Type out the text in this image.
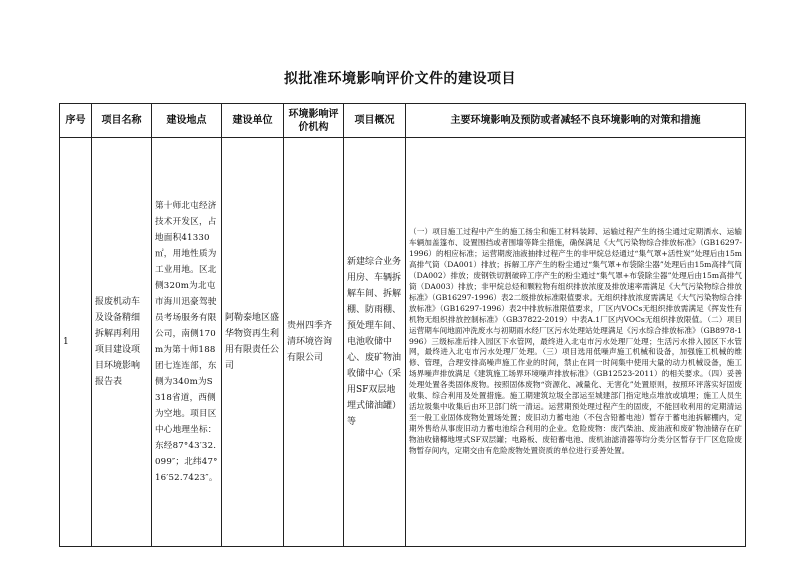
拟批准环境影响评价文件的建设项目
序号	项目名称	建设地点	建设单位	环境影响评价机构	项目概况	主要环境影响及预防或者减轻不良环境影响的对策和措施
1	报废机动车及设备精细拆解再利用项目建设项目环境影响报告表	第十师北屯经济技术开发区，占地面积41330㎡，用地性质为工业用地。区北侧320m为北屯市海川迅豪驾驶员考场服务有限公司，南侧170m为第十师188团七连连部，东侧为340m为S318省道，西侧为空地。项目区中心地理坐标：东经87°43′32.099″；北纬47°16′52.7423″。	阿勒泰地区盛华物资再生利用有限责任公司	贵州四季齐清环境咨询有限公司	新建综合业务用房、车辆拆解车间、拆解棚、防雨棚、预处理车间、电池收储中心、废矿物油收储中心（采用SF双层地埋式储油罐）等	（一）项目施工过程中产生的施工扬尘和施工材料装卸、运输过程产生的扬尘通过定期洒水、运输车辆加盖篷布、设置围挡或者围墙等降尘措施，确保满足《大气污染物综合排放标准》（GB16297-1996）的相应标准；运营期废油液抽排过程产生的非甲烷总烃通过“集气罩+活性炭”处理后由15m高排气筒（DA001）排放；拆解工序产生的粉尘通过“集气罩+布袋除尘器”处理后由15m高排气筒（DA002）排放；废钢铁切割破碎工序产生的粉尘通过“集气罩+布袋除尘器”处理后由15m高排气筒（DA003）排放；非甲烷总烃和颗粒物有组织排放浓度及排放速率需满足《大气污染物综合排放标准》（GB16297-1996）表2二级排放标准限值要求。无组织排放浓度需满足《大气污染物综合排放标准》（GB16297-1996）表2中排放标准限值要求，厂区内VOCs无组织排放需满足《挥发性有机物无组织排放控制标准》（GB37822-2019）中表A.1厂区内VOCs无组织排放限值。（二）项目运营期车间地面冲洗废水与初期雨水经厂区污水处理站处理满足《污水综合排放标准》（GB8978-1996）三级标准后排入园区下水管网，最终进入北屯市污水处理厂处理；生活污水排入园区下水管网，最终进入北屯市污水处理厂处理。（三）项目选用低噪声施工机械和设备，加强施工机械的维修、管理，合理安排高噪声施工作业的时间，禁止在同一时间集中使用大量的动力机械设备，施工场界噪声排放满足《建筑施工场界环境噪声排放标准》（GB12523-2011）的相关要求。（四）妥善处理处置各类固体废物。按照固体废物“资源化、减量化、无害化”处置原则，按照环评落实好固废收集、综合利用及处置措施。施工期建筑垃圾全部运至城建部门指定地点堆放或填埋；施工人员生活垃圾集中收集后由环卫部门统一清运。运营期预处理过程产生的固废，不能回收利用的定期清运至一般工业固体废物处置场处置；废旧动力蓄电池（不包含铅蓄电池）暂存于蓄电池拆解棚内，定期外售给从事废旧动力蓄电池综合利用的企业。危险废物：废汽柴油、废油液和废矿物油储存在矿物油收储椰地埋式SF双层罐；电路板、废铅蓄电池、废机油滤清器等均分类分区暂存于厂区危险废物暂存间内，定期交由有危险废物处置资质的单位进行妥善处置。
